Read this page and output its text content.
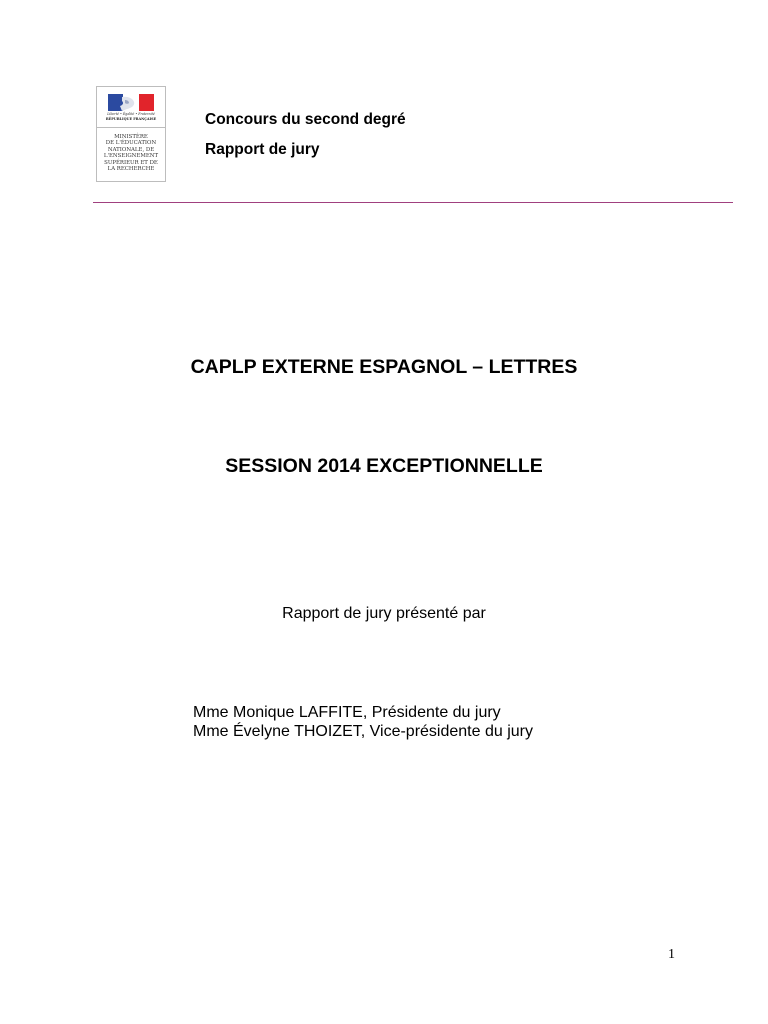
Liberté • Égalité • Fraternité
RÉPUBLIQUE FRANÇAISE
MINISTÈRE
DE L'ÉDUCATION
NATIONALE, DE
L'ENSEIGNEMENT
SUPÉRIEUR ET DE
LA RECHERCHE
Concours du second degré
Rapport de jury
CAPLP EXTERNE ESPAGNOL – LETTRES
SESSION 2014 EXCEPTIONNELLE
Rapport de jury présenté par
Mme Monique LAFFITE, Présidente du jury
Mme Évelyne THOIZET, Vice-présidente du jury
1
